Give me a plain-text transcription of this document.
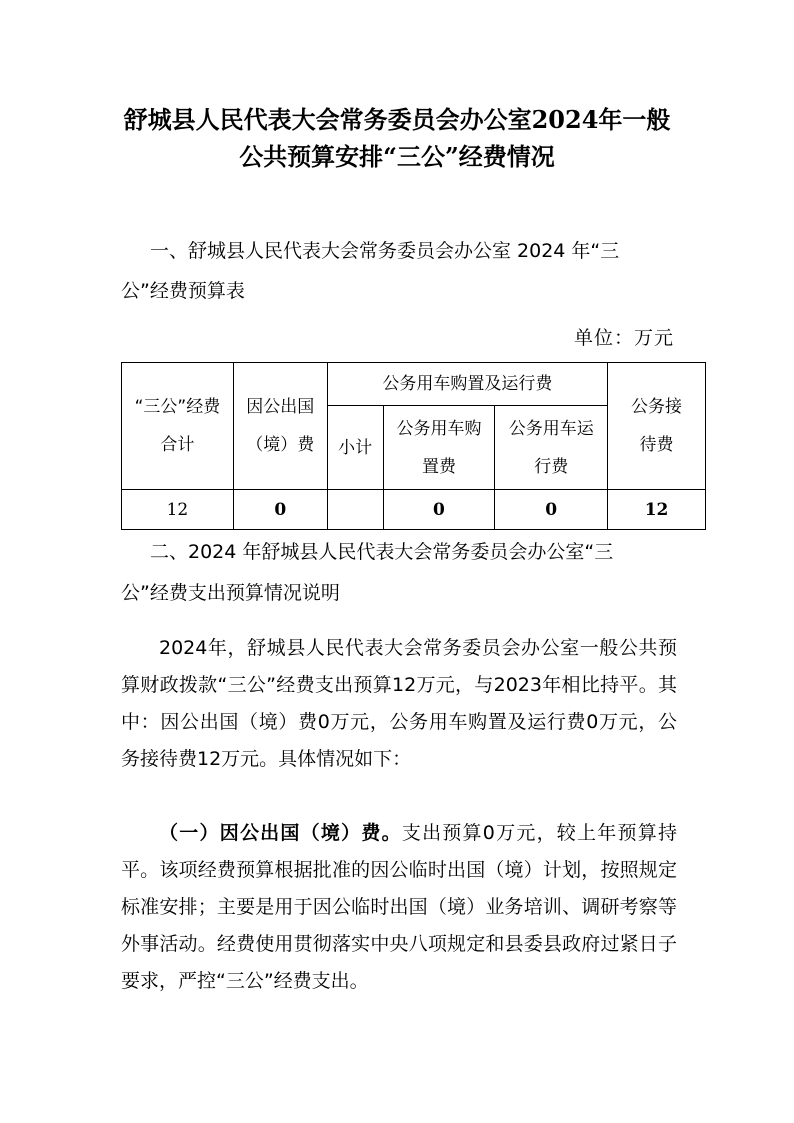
舒城县人民代表大会常务委员会办公室2024年一般
公共预算安排“三公”经费情况
一、舒城县人民代表大会常务委员会办公室 2024 年“三
公”经费预算表
单位：万元
“三公”经费合计	因公出国（境）费	公务用车购置及运行费			公务接待费
		小计	公务用车购置费	公务用车运行费	
12	0		0	0	12
二、2024 年舒城县人民代表大会常务委员会办公室“三
公”经费支出预算情况说明
2024年，舒城县人民代表大会常务委员会办公室一般公共预算财政拨款“三公”经费支出预算12万元，与2023年相比持平。其中：因公出国（境）费0万元，公务用车购置及运行费0万元，公务接待费12万元。具体情况如下：
（一）因公出国（境）费。支出预算0万元，较上年预算持平。该项经费预算根据批准的因公临时出国（境）计划，按照规定标准安排；主要是用于因公临时出国（境）业务培训、调研考察等外事活动。经费使用贯彻落实中央八项规定和县委县政府过紧日子要求，严控“三公”经费支出。
